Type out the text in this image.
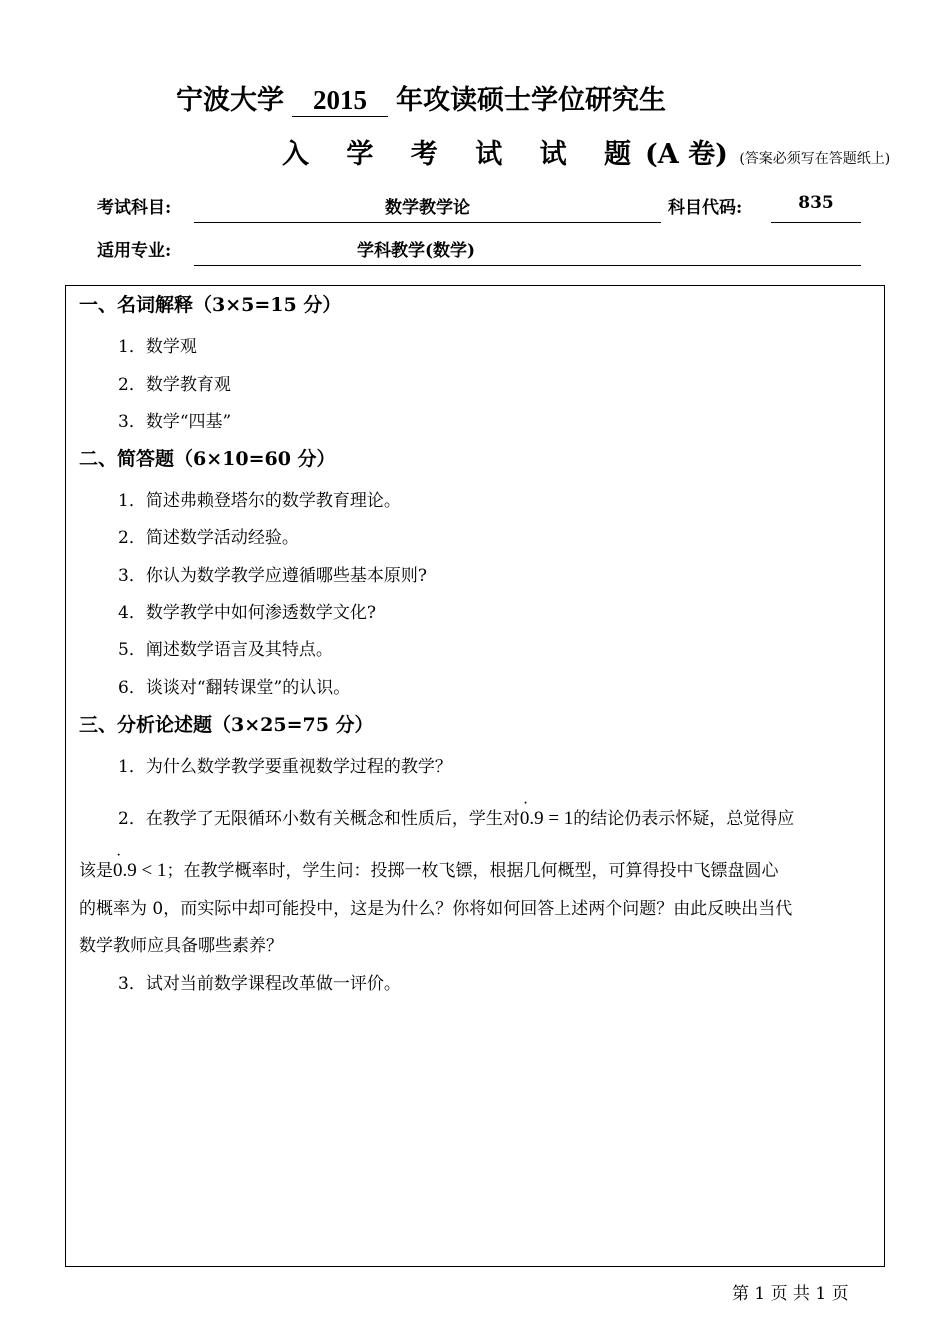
宁波大学 2015 年攻读硕士学位研究生
入 学 考 试 试 题(A 卷) (答案必须写在答题纸上)
考试科目:	数学教学论	科目代码:	835
适用专业:	学科教学(数学)
一、名词解释（3×5=15 分）
1．数学观
2．数学教育观
3．数学“四基”
二、简答题（6×10=60 分）
1．简述弗赖登塔尔的数学教育理论。
2．简述数学活动经验。
3．你认为数学教学应遵循哪些基本原则?
4．数学教学中如何渗透数学文化?
5．阐述数学语言及其特点。
6．谈谈对“翻转课堂”的认识。
三、分析论述题（3×25=75 分）
1．为什么数学教学要重视数学过程的教学？
2．在教学了无限循环小数有关概念和性质后，学生对· 0.9 = 1的结论仍表示怀疑，总觉得应
该是· 0.9 < 1；在教学概率时，学生问：投掷一枚飞镖，根据几何概型，可算得投中飞镖盘圆心
的概率为 0，而实际中却可能投中，这是为什么？你将如何回答上述两个问题？由此反映出当代
数学教师应具备哪些素养？
3．试对当前数学课程改革做一评价。
第 1 页 共 1 页
